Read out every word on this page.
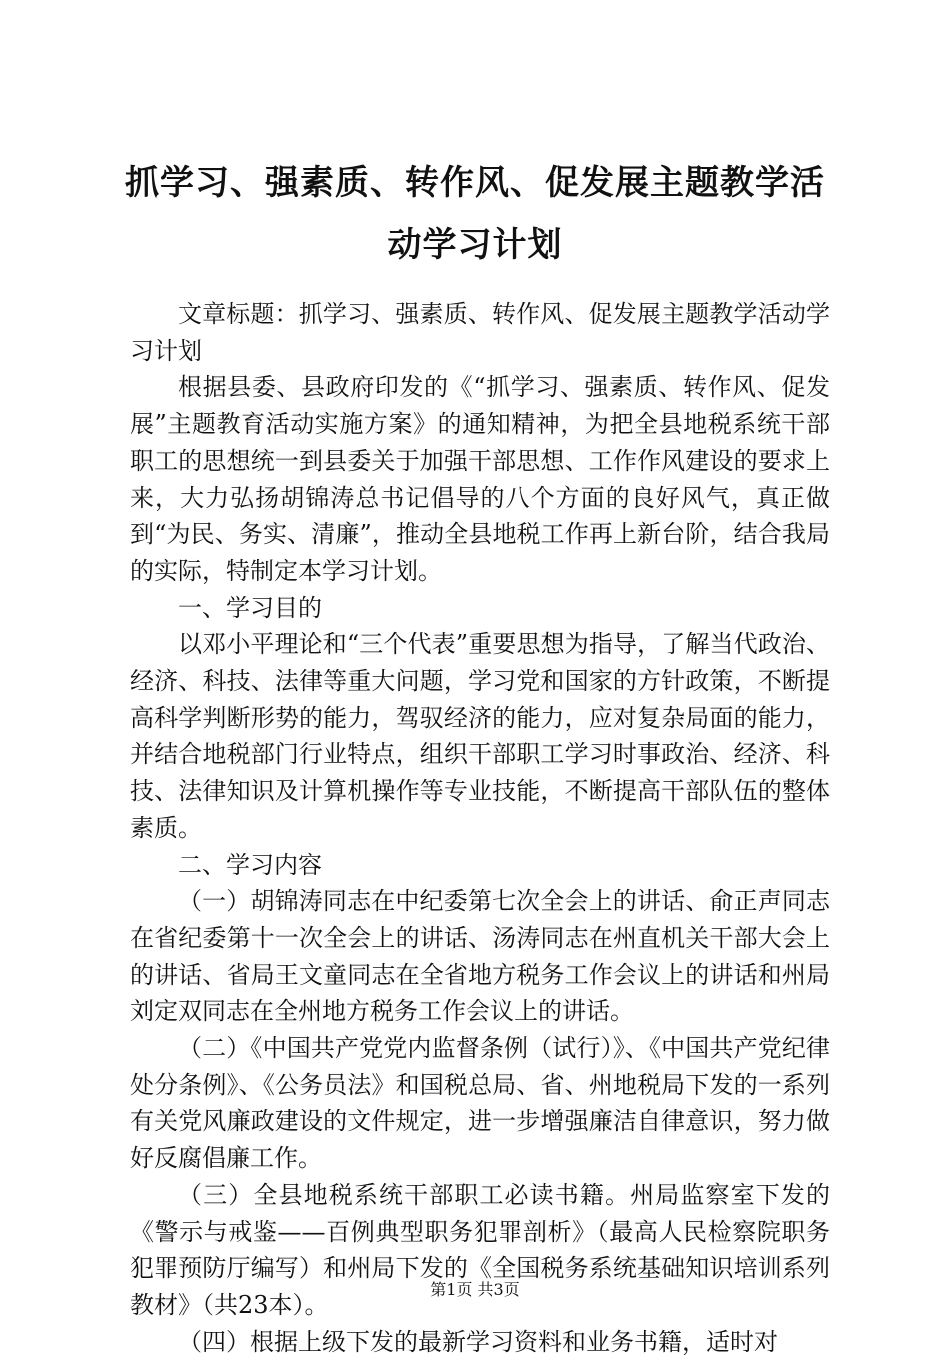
抓学习、强素质、转作风、促发展主题教学活动学习计划

文章标题：抓学习、强素质、转作风、促发展主题教学活动学习计划

根据县委、县政府印发的《“抓学习、强素质、转作风、促发展”主题教育活动实施方案》的通知精神，为把全县地税系统干部职工的思想统一到县委关于加强干部思想、工作作风建设的要求上来，大力弘扬胡锦涛总书记倡导的八个方面的良好风气，真正做到“为民、务实、清廉”，推动全县地税工作再上新台阶，结合我局的实际，特制定本学习计划。

一、学习目的

以邓小平理论和“三个代表”重要思想为指导，了解当代政治、经济、科技、法律等重大问题，学习党和国家的方针政策，不断提高科学判断形势的能力，驾驭经济的能力，应对复杂局面的能力，并结合地税部门行业特点，组织干部职工学习时事政治、经济、科技、法律知识及计算机操作等专业技能，不断提高干部队伍的整体素质。

二、学习内容

（一）胡锦涛同志在中纪委第七次全会上的讲话、俞正声同志在省纪委第十一次全会上的讲话、汤涛同志在州直机关干部大会上的讲话、省局王文童同志在全省地方税务工作会议上的讲话和州局刘定双同志在全州地方税务工作会议上的讲话。

（二）《中国共产党党内监督条例（试行）》、《中国共产党纪律处分条例》、《公务员法》和国税总局、省、州地税局下发的一系列有关党风廉政建设的文件规定，进一步增强廉洁自律意识，努力做好反腐倡廉工作。

（三）全县地税系统干部职工必读书籍。州局监察室下发的《警示与戒鉴——百例典型职务犯罪剖析》（最高人民检察院职务犯罪预防厅编写）和州局下发的《全国税务系统基础知识培训系列教材》（共23本）。

（四）根据上级下发的最新学习资料和业务书籍，适时对

第1页 共3页
